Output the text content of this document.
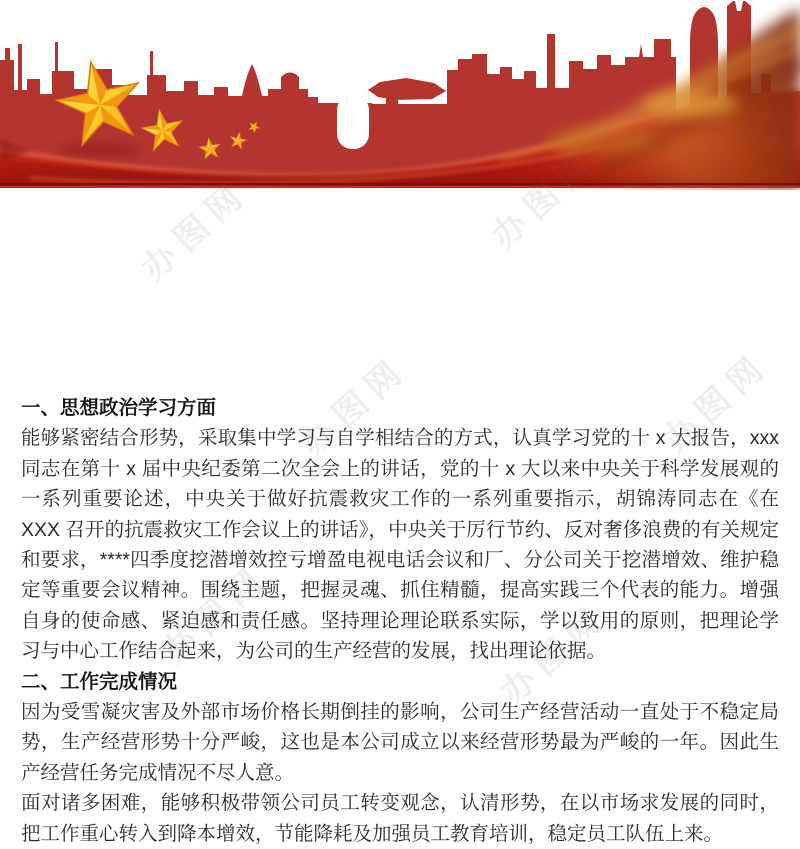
办图网	办图网
办图网	办图网
办图网	办图网
一、思想政治学习方面

能够紧密结合形势，采取集中学习与自学相结合的方式，认真学习党的十 x 大报告，xxx 同志在第十 x 届中央纪委第二次全会上的讲话，党的十 x 大以来中央关于科学发展观的一系列重要论述，中央关于做好抗震救灾工作的一系列重要指示，胡锦涛同志在《在 XXX 召开的抗震救灾工作会议上的讲话》，中央关于厉行节约、反对奢侈浪费的有关规定和要求，****四季度挖潜增效控亏增盈电视电话会议和厂、分公司关于挖潜增效、维护稳定等重要会议精神。围绕主题，把握灵魂、抓住精髓，提高实践三个代表的能力。增强自身的使命感、紧迫感和责任感。坚持理论理论联系实际，学以致用的原则，把理论学习与中心工作结合起来，为公司的生产经营的发展，找出理论依据。

二、工作完成情况

因为受雪凝灾害及外部市场价格长期倒挂的影响，公司生产经营活动一直处于不稳定局势，生产经营形势十分严峻，这也是本公司成立以来经营形势最为严峻的一年。因此生产经营任务完成情况不尽人意。

面对诸多困难，能够积极带领公司员工转变观念，认清形势，在以市场求发展的同时，把工作重心转入到降本增效，节能降耗及加强员工教育培训，稳定员工队伍上来。
